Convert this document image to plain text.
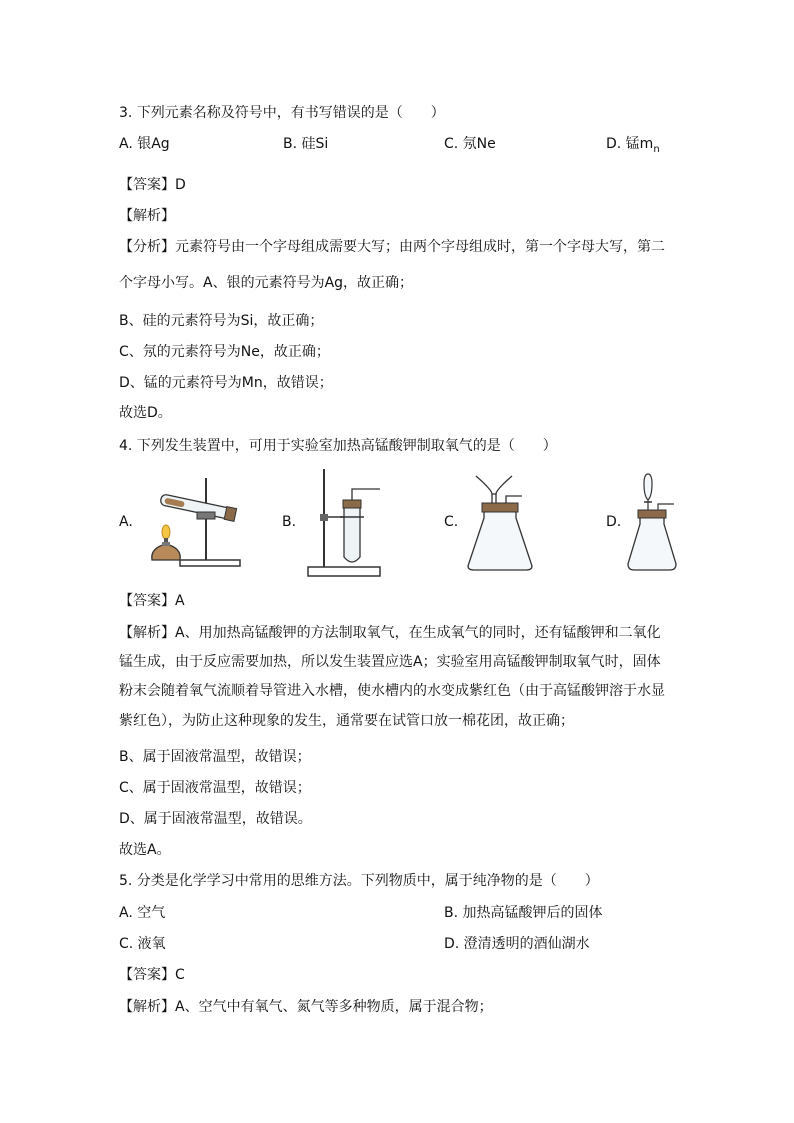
3. 下列元素名称及符号中，有书写错误的是（　　）
A. 银Ag	B. 硅Si	C. 氖Ne	D. 锰$m_n$
【答案】D
【解析】
【分析】元素符号由一个字母组成需要大写；由两个字母组成时，第一个字母大写，第二
个字母小写。A、银的元素符号为Ag，故正确；
B、硅的元素符号为Si，故正确；
C、氖的元素符号为Ne，故正确；
D、锰的元素符号为Mn，故错误；
故选D。
4. 下列发生装置中，可用于实验室加热高锰酸钾制取氧气的是（　　）
A.	B.	C.	D.
【答案】A
【解析】A、用加热高锰酸钾的方法制取氧气，在生成氧气的同时，还有锰酸钾和二氧化
锰生成，由于反应需要加热，所以发生装置应选A；实验室用高锰酸钾制取氧气时，固体
粉末会随着氧气流顺着导管进入水槽，使水槽内的水变成紫红色（由于高锰酸钾溶于水显
紫红色），为防止这种现象的发生，通常要在试管口放一棉花团，故正确；
B、属于固液常温型，故错误；
C、属于固液常温型，故错误；
D、属于固液常温型，故错误。
故选A。
5. 分类是化学学习中常用的思维方法。下列物质中，属于纯净物的是（　　）
A. 空气	B. 加热高锰酸钾后的固体
C. 液氧	D. 澄清透明的酒仙湖水
【答案】C
【解析】A、空气中有氧气、氮气等多种物质，属于混合物；
